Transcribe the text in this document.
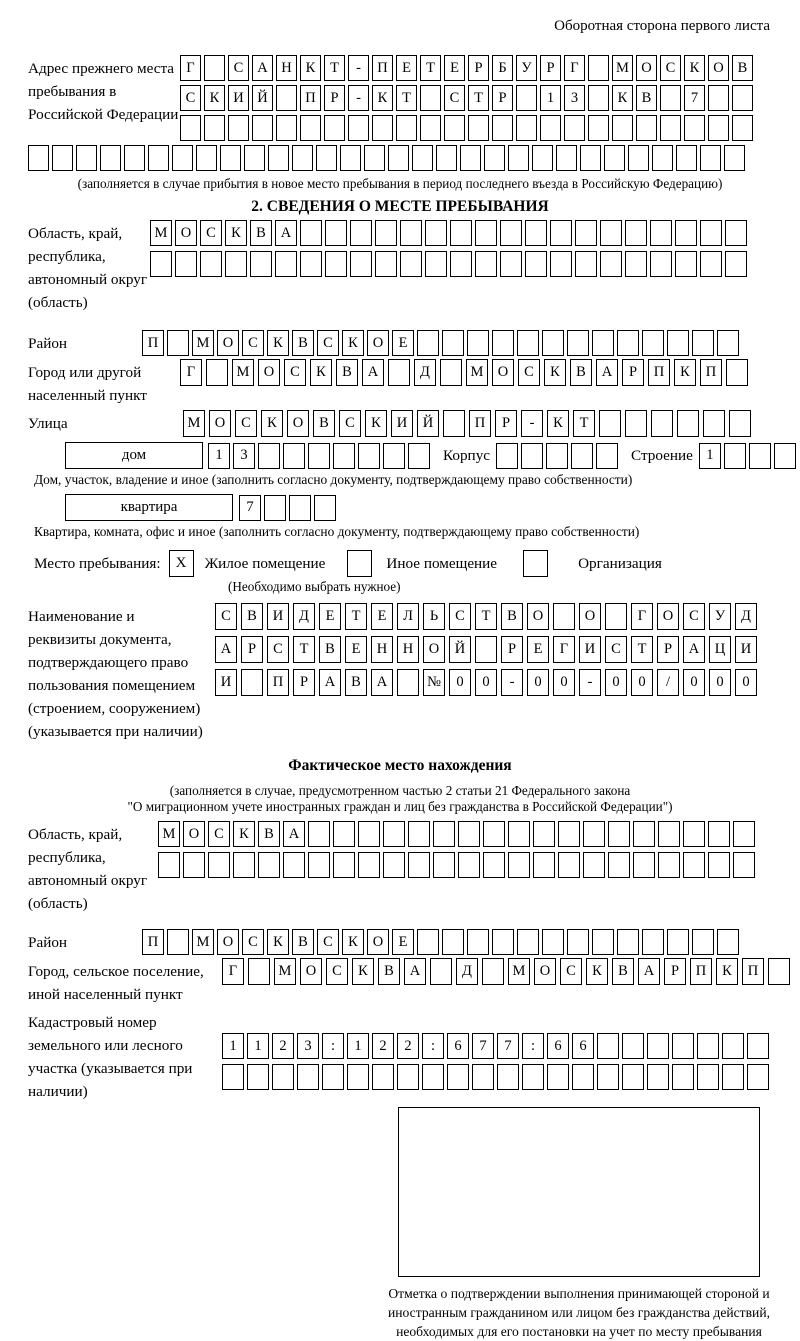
Оборотная сторона первого листа
Адрес прежнего места пребывания в Российской Федерации
Г	С А Н К	Т	-	П Е	Т	Е	Р	Б	У	Р	Г	М О С К О В
С К И Й	П	Р	-	К	Т	С	Т	Р	1	3	К В	7
(заполняется в случае прибытия в новое место пребывания в период последнего въезда в Российскую Федерацию)
2. СВЕДЕНИЯ О МЕСТЕ ПРЕБЫВАНИЯ
Область, край, республика, автономный округ (область)
М О	С	К	В	А
Район	П	М О	С	К	В	С	К	О	Е
Город или другой населенный пункт
Г	М О	С	К	В	А	Д	М О	С	К	В	А	Р	П	К	П
Улица	М О	С	К	О	В	С	К	И	Й	П	Р	-	К	Т
дом	1	3	Корпус	Строение 1
Дом, участок, владение и иное (заполнить согласно документу, подтверждающему право собственности)
квартира	7
Квартира, комната, офис и иное (заполнить согласно документу, подтверждающему право собственности)
Место пребывания:	X	Жилое помещение	Иное помещение	Организация
(Необходимо выбрать нужное)
Наименование и реквизиты документа, подтверждающего право пользования помещением (строением, сооружением) (указывается при наличии)
С	В	И	Д	Е	Т	Е	Л	Ь	С	Т	В	О	О	Г	О	С	У	Д
А	Р	С	Т	В	Е	Н	Н	О	Й	Р	Е	Г	И	С	Т	Р	А	Ц	И
И	П	Р	А	В	А	№	0	0	-	0	0	-	0	0	/	0	0	0
Фактическое место нахождения
(заполняется в случае, предусмотренном частью 2 статьи 21 Федерального закона
"О миграционном учете иностранных граждан и лиц без гражданства в Российской Федерации")
Область, край, республика, автономный округ (область)
М О	С	К	В	А
Район	П	М О	С	К	В	С	К	О	Е
Город, сельское поселение, иной населенный пункт
Г	М О	С	К	В	А	Д	М О	С	К	В	А	Р	П	К	П
Кадастровый номер земельного или лесного участка (указывается при наличии)
1	1	2	3	:	1	2	2	:	6	7	7	:	6	6
Отметка о подтверждении выполнения принимающей стороной и иностранным гражданином или лицом без гражданства действий, необходимых для его постановки на учет по месту пребывания
